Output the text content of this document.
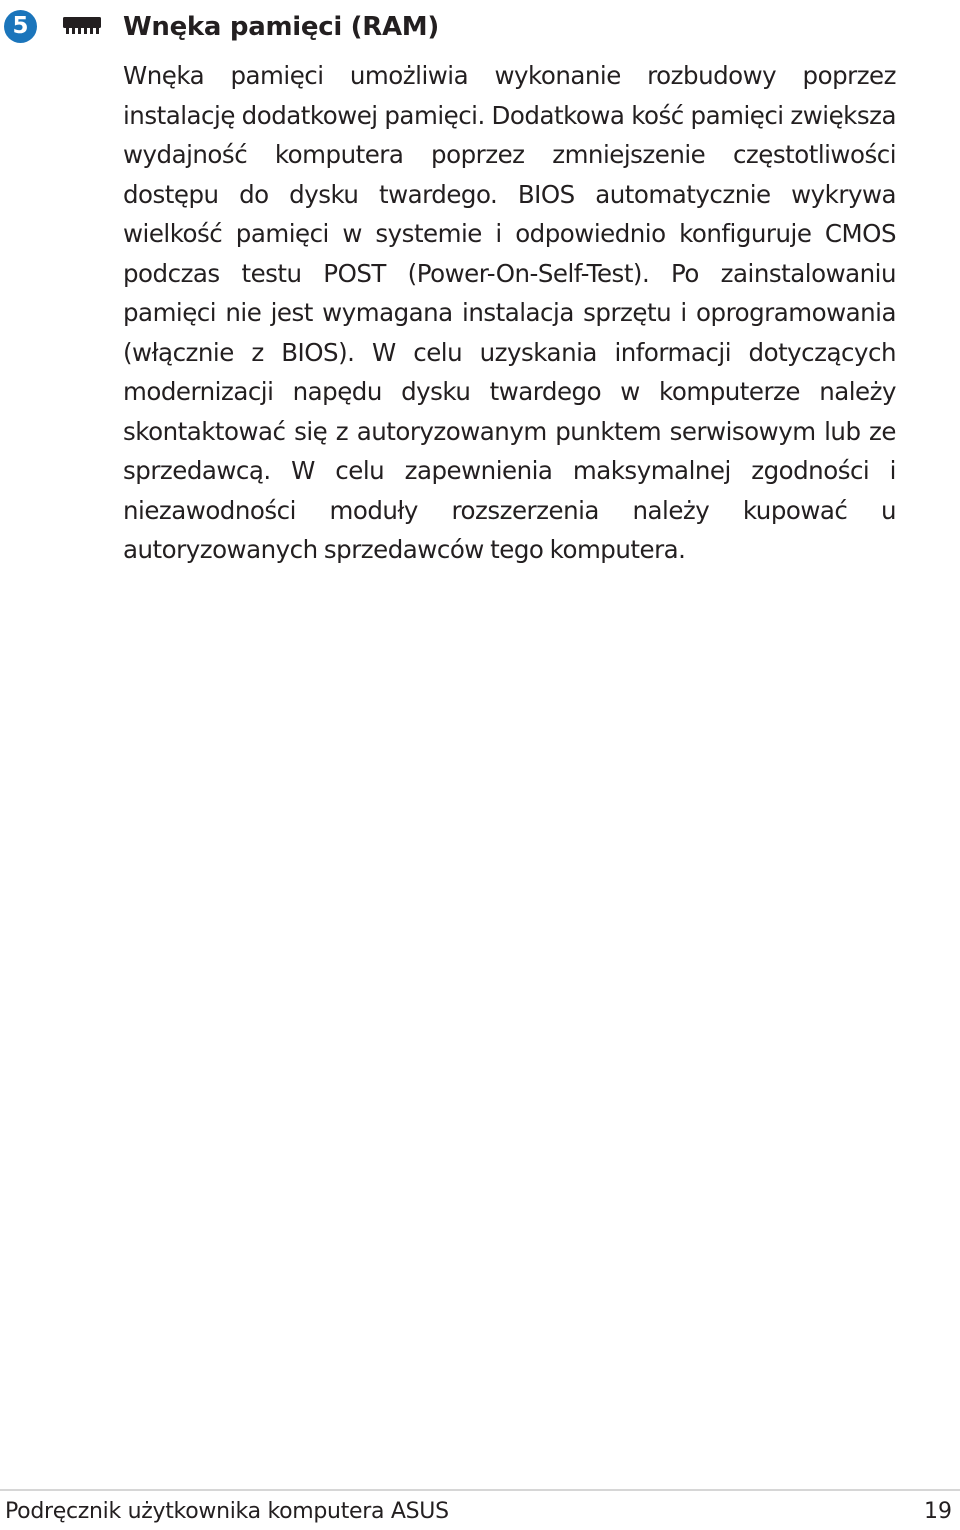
5	Wnęka pamięci (RAM)

Wnęka pamięci umożliwia wykonanie rozbudowy poprzez instalację dodatkowej pamięci. Dodatkowa kość pamięci zwiększa wydajność komputera poprzez zmniejszenie częstotliwości dostępu do dysku twardego. BIOS automatycznie wykrywa wielkość pamięci w systemie i odpowiednio konfiguruje CMOS podczas testu POST (Power-On-Self-Test). Po zainstalowaniu pamięci nie jest wymagana instalacja sprzętu i oprogramowania (włącznie z BIOS). W celu uzyskania informacji dotyczących modernizacji napędu dysku twardego w komputerze należy skontaktować się z autoryzowanym punktem serwisowym lub ze sprzedawcą. W celu zapewnienia maksymalnej zgodności i niezawodności moduły rozszerzenia należy kupować u autoryzowanych sprzedawców tego komputera.

Podręcznik użytkownika komputera ASUS	19
